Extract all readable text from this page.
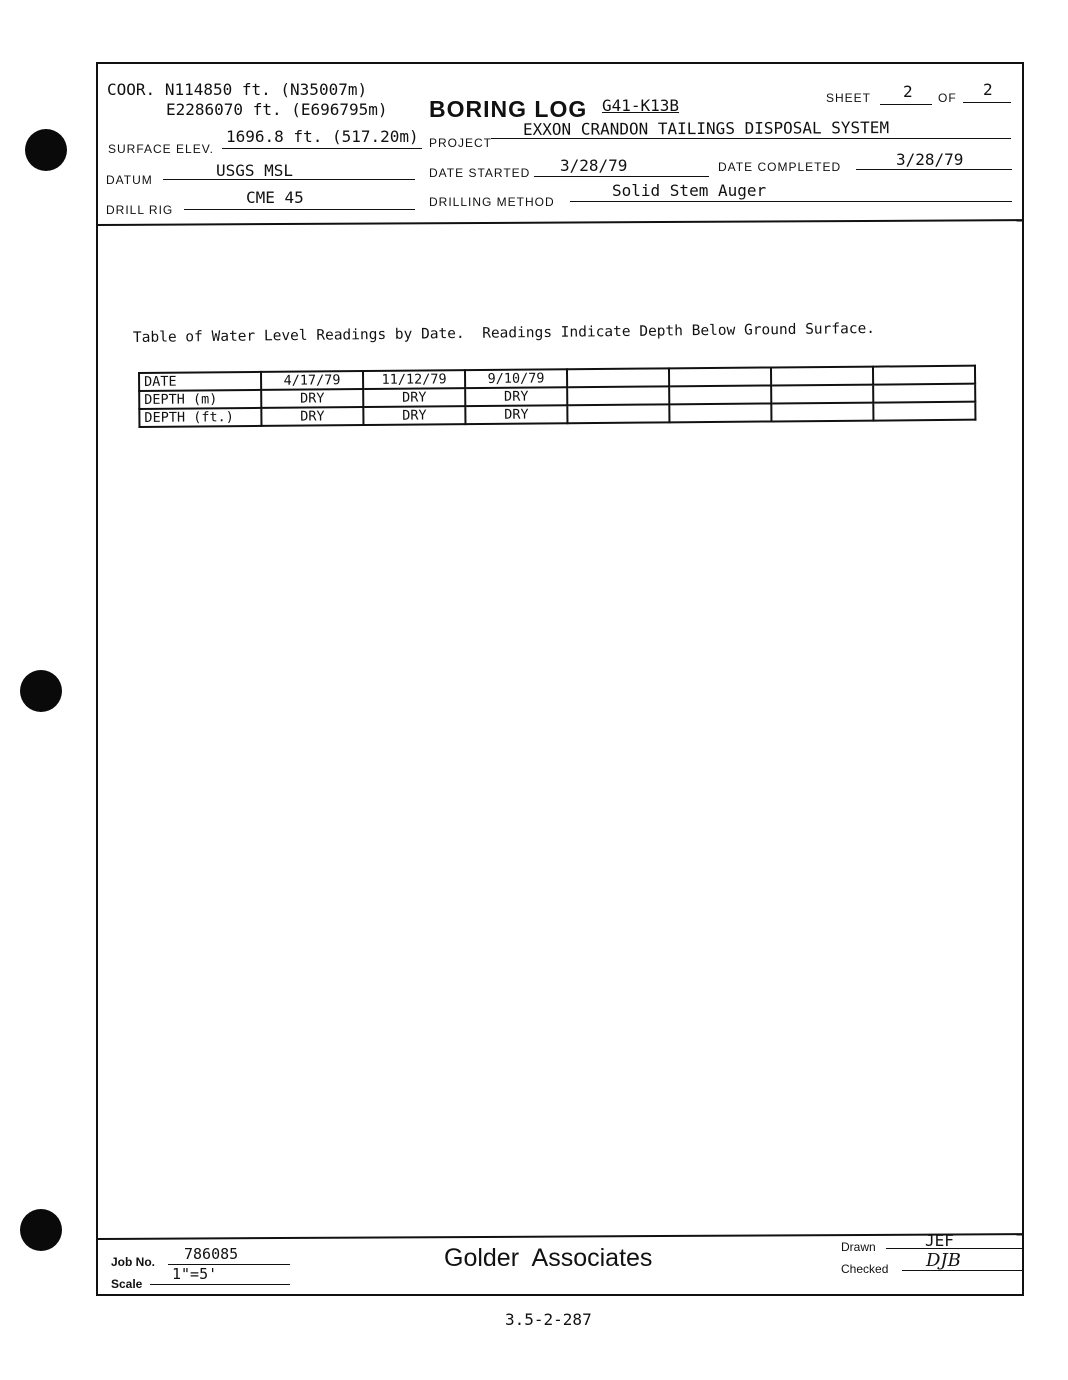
COOR. N114850 ft. (N35007m)
E2286070 ft. (E696795m) BORING LOG G41-K13B	SHEET 2 OF 2
SURFACE ELEV.
1696.8 ft. (517.20m) PROJECT
EXXON CRANDON TAILINGS DISPOSAL SYSTEM
DATUM	USGS MSL	DATE STARTED 3/28/79	DATE COMPLETED	3/28/79
DRILL RIG
CME 45	DRILLING METHOD
Solid Stem Auger
Table of Water Level Readings by Date.  Readings Indicate Depth Below Ground Surface.
DATE	4/17/79	11/12/79	9/10/79				
DEPTH (m)	DRY	DRY	DRY				
DEPTH (ft.)	DRY	DRY	DRY				
Job No. 786085
Scale
1"=5'
Golder  Associates	Drawn	JEF
Checked DJB
3.5-2-287
